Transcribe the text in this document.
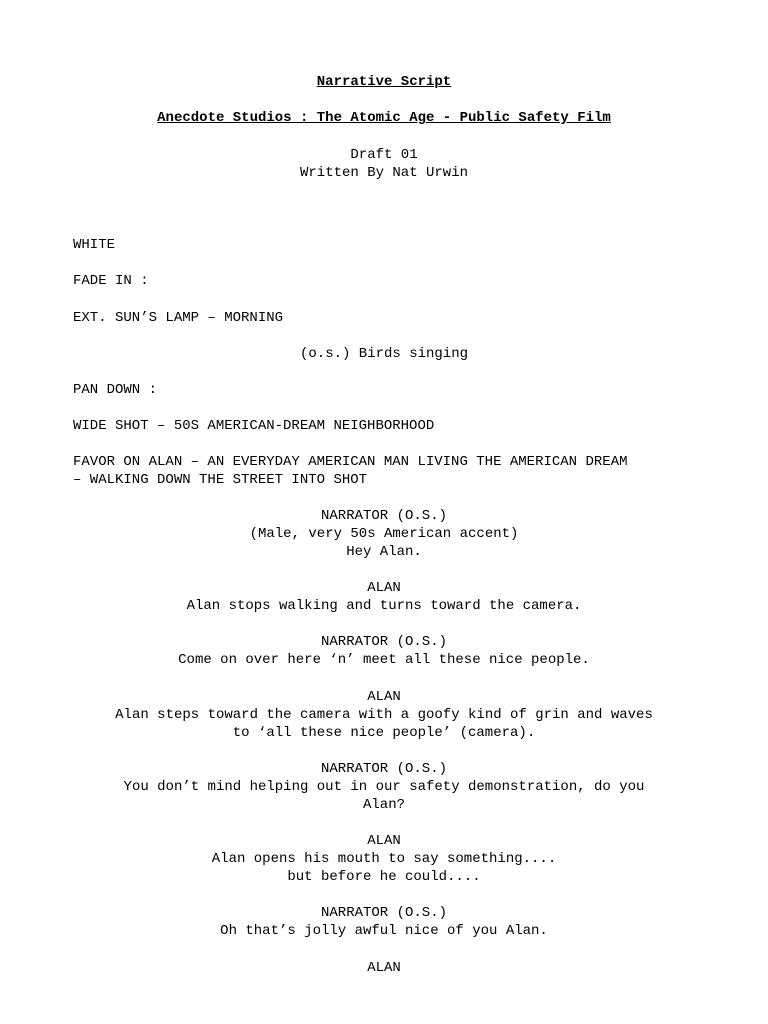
Narrative Script
Anecdote Studios : The Atomic Age - Public Safety Film
Draft 01
Written By Nat Urwin
WHITE
FADE IN :
EXT. SUN’S LAMP – MORNING
(o.s.) Birds singing
PAN DOWN :
WIDE SHOT – 50S AMERICAN-DREAM NEIGHBORHOOD
FAVOR ON ALAN – AN EVERYDAY AMERICAN MAN LIVING THE AMERICAN DREAM
– WALKING DOWN THE STREET INTO SHOT
NARRATOR (O.S.)
(Male, very 50s American accent)
Hey Alan.
ALAN
Alan stops walking and turns toward the camera.
NARRATOR (O.S.)
Come on over here ‘n’ meet all these nice people.
ALAN
Alan steps toward the camera with a goofy kind of grin and waves
to ‘all these nice people’ (camera).
NARRATOR (O.S.)
You don’t mind helping out in our safety demonstration, do you
Alan?
ALAN
Alan opens his mouth to say something....
but before he could....
NARRATOR (O.S.)
Oh that’s jolly awful nice of you Alan.
ALAN
